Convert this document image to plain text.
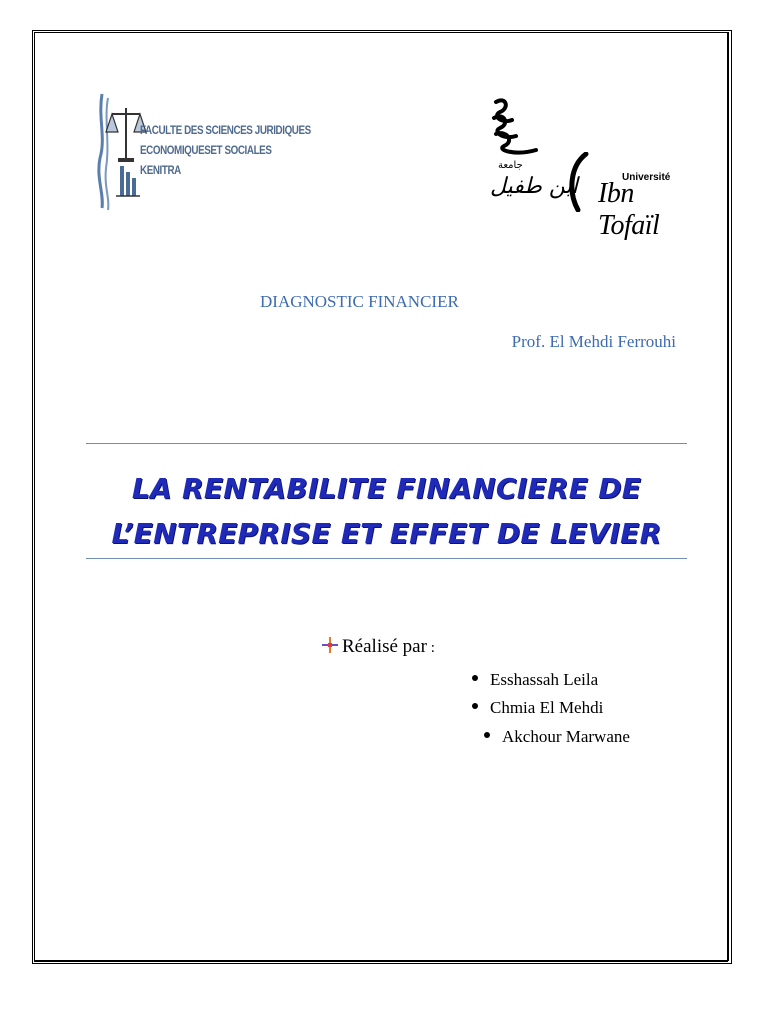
FACULTE DES SCIENCES JURIDIQUES
ECONOMIQUESET SOCIALES
KENITRA	جامعة
ابن طفيل	Université
Ibn Tofaïl
DIAGNOSTIC FINANCIER
Prof. El Mehdi Ferrouhi
LA RENTABILITE FINANCIERE DE
L’ENTREPRISE ET EFFET DE LEVIER
Réalisé par :
Esshassah Leila
Chmia El Mehdi
Akchour Marwane
